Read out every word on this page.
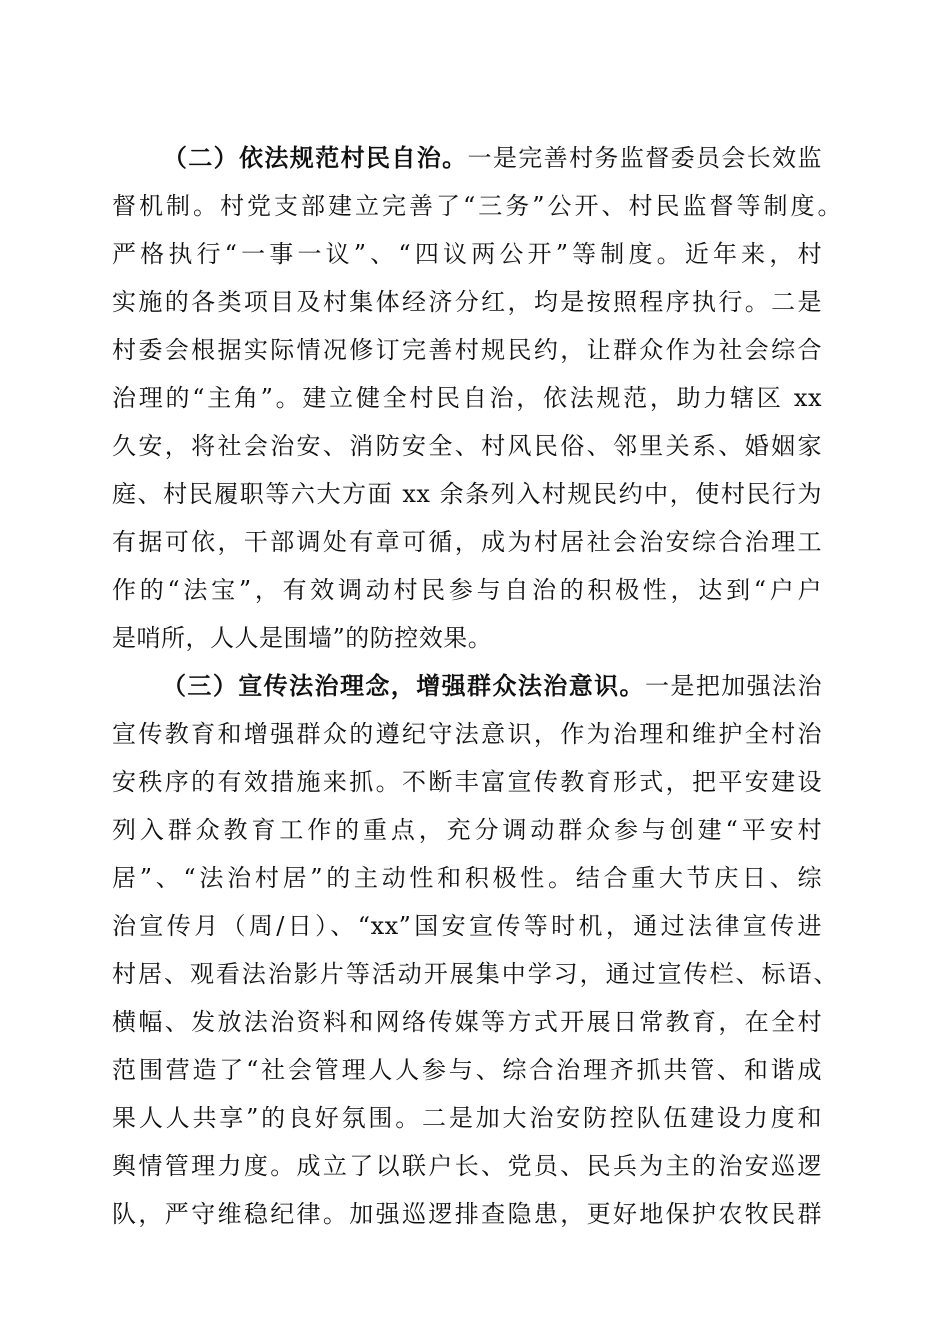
（二）依法规范村民自治。一是完善村务监督委员会长效监
督机制。村党支部建立完善了“三务”公开、村民监督等制度。
严格执行“一事一议”、“四议两公开”等制度。近年来，村
实施的各类项目及村集体经济分红，均是按照程序执行。二是
村委会根据实际情况修订完善村规民约，让群众作为社会综合
治理的“主角”。建立健全村民自治，依法规范，助力辖区 xx
久安，将社会治安、消防安全、村风民俗、邻里关系、婚姻家
庭、村民履职等六大方面 xx 余条列入村规民约中，使村民行为
有据可依，干部调处有章可循，成为村居社会治安综合治理工
作的“法宝”，有效调动村民参与自治的积极性，达到“户户
是哨所，人人是围墙”的防控效果。
（三）宣传法治理念，增强群众法治意识。一是把加强法治
宣传教育和增强群众的遵纪守法意识，作为治理和维护全村治
安秩序的有效措施来抓。不断丰富宣传教育形式，把平安建设
列入群众教育工作的重点，充分调动群众参与创建“平安村
居”、“法治村居”的主动性和积极性。结合重大节庆日、综
治宣传月（周/日）、“xx”国安宣传等时机，通过法律宣传进
村居、观看法治影片等活动开展集中学习，通过宣传栏、标语、
横幅、发放法治资料和网络传媒等方式开展日常教育，在全村
范围营造了“社会管理人人参与、综合治理齐抓共管、和谐成
果人人共享”的良好氛围。二是加大治安防控队伍建设力度和
舆情管理力度。成立了以联户长、党员、民兵为主的治安巡逻
队，严守维稳纪律。加强巡逻排查隐患，更好地保护农牧民群
